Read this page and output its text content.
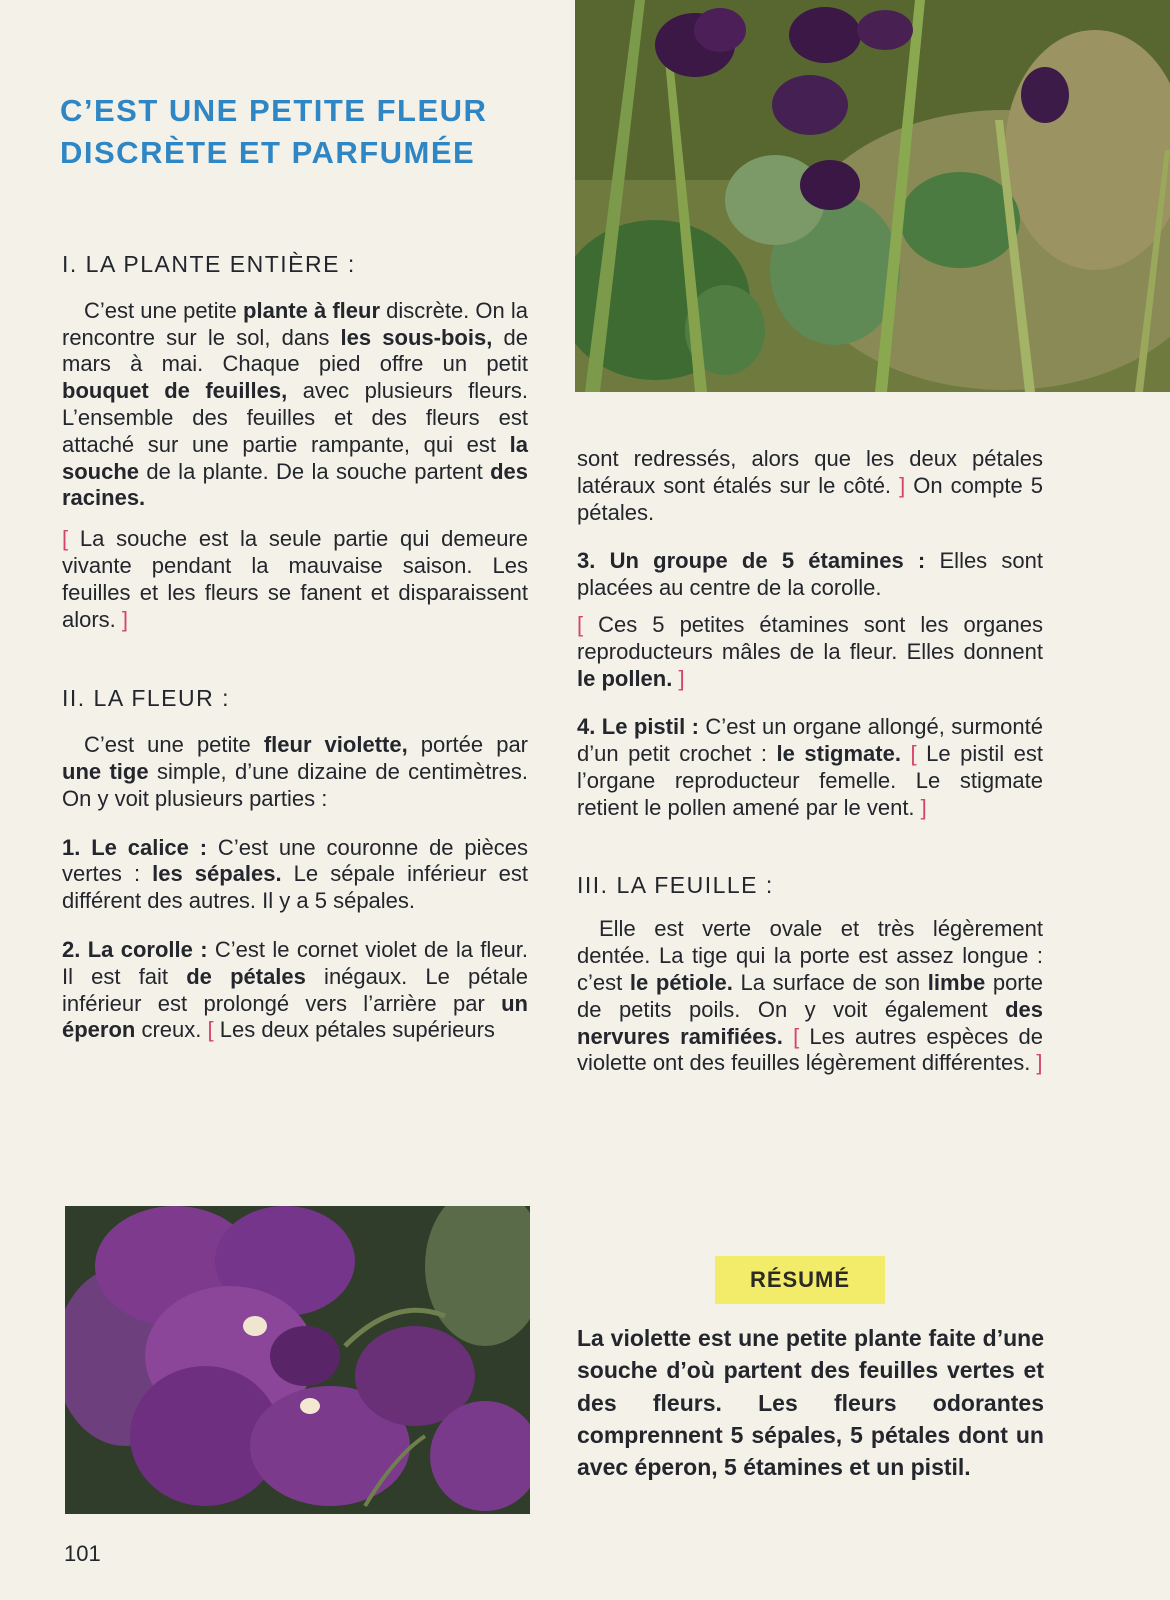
C’EST UNE PETITE FLEUR
DISCRÈTE ET PARFUMÉE
I. LA PLANTE ENTIÈRE :

C’est une petite plante à fleur discrète. On la rencontre sur le sol, dans les sous-bois, de mars à mai. Chaque pied offre un petit bouquet de feuilles, avec plusieurs fleurs. L’ensemble des feuilles et des fleurs est attaché sur une partie rampante, qui est la souche de la plante. De la souche partent des racines.

[ La souche est la seule partie qui demeure vivante pendant la mauvaise saison. Les feuilles et les fleurs se fanent et disparaissent alors. ]

II. LA FLEUR :

C’est une petite fleur violette, portée par une tige simple, d’une dizaine de centimètres. On y voit plusieurs parties :

1. Le calice : C’est une couronne de pièces vertes : les sépales. Le sépale inférieur est différent des autres. Il y a 5 sépales.

2. La corolle : C’est le cornet violet de la fleur. Il est fait de pétales inégaux. Le pétale inférieur est prolongé vers l’arrière par un éperon creux. [ Les deux pétales supérieurs

sont redressés, alors que les deux pétales latéraux sont étalés sur le côté. ] On compte 5 pétales.

3. Un groupe de 5 étamines : Elles sont placées au centre de la corolle.

[ Ces 5 petites étamines sont les organes reproducteurs mâles de la fleur. Elles donnent le pollen. ]

4. Le pistil : C’est un organe allongé, surmonté d’un petit crochet : le stigmate. [ Le pistil est l’organe reproducteur femelle. Le stigmate retient le pollen amené par le vent. ]

III. LA FEUILLE :

Elle est verte ovale et très légèrement dentée. La tige qui la porte est assez longue : c’est le pétiole. La surface de son limbe porte de petits poils. On y voit également des nervures ramifiées. [ Les autres espèces de violette ont des feuilles légèrement différentes. ]

RÉSUMÉ

La violette est une petite plante faite d’une souche d’où partent des feuilles vertes et des fleurs. Les fleurs odorantes comprennent 5 sépales, 5 pétales dont un avec éperon, 5 étamines et un pistil.

101
